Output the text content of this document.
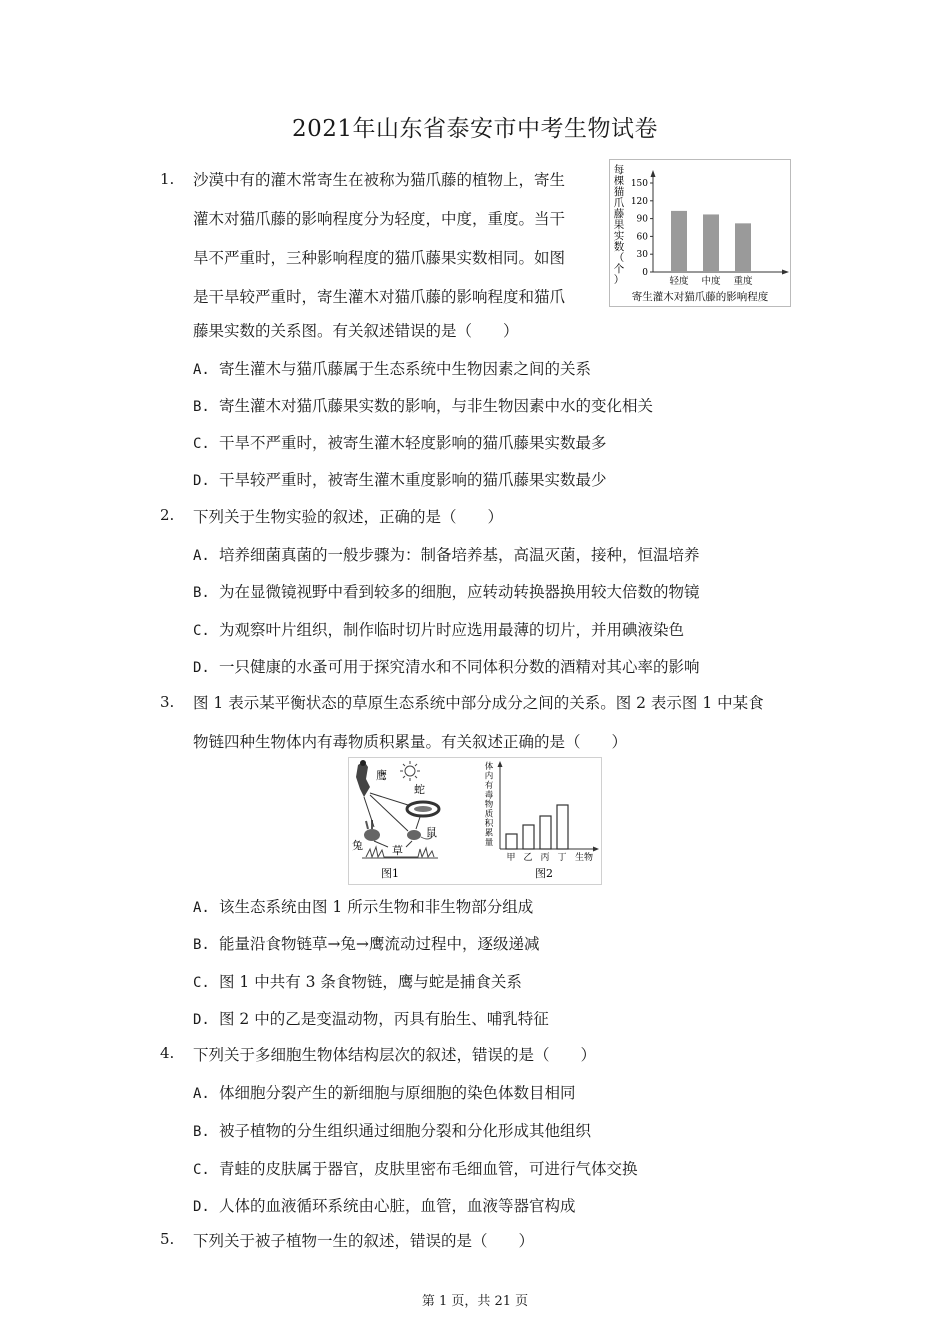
2021年山东省泰安市中考生物试卷
1. 沙漠中有的灌木常寄生在被称为猫爪藤的植物上，寄生
灌木对猫爪藤的影响程度分为轻度，中度，重度。当干
旱不严重时，三种影响程度的猫爪藤果实数相同。如图
是干旱较严重时，寄生灌木对猫爪藤的影响程度和猫爪
藤果实数的关系图。有关叙述错误的是（　　）
每
棵
猫
爪
藤
果
实
数
（
个
）
150
120
90
60
30
0
轻度 中度 重度
寄生灌木对猫爪藤的影响程度
A. 寄生灌木与猫爪藤属于生态系统中生物因素之间的关系
B. 寄生灌木对猫爪藤果实数的影响，与非生物因素中水的变化相关
C. 干旱不严重时，被寄生灌木轻度影响的猫爪藤果实数最多
D. 干旱较严重时，被寄生灌木重度影响的猫爪藤果实数最少
2. 下列关于生物实验的叙述，正确的是（　　）
A. 培养细菌真菌的一般步骤为：制备培养基，高温灭菌，接种，恒温培养
B. 为在显微镜视野中看到较多的细胞，应转动转换器换用较大倍数的物镜
C. 为观察叶片组织，制作临时切片时应选用最薄的切片，并用碘液染色
D. 一只健康的水蚤可用于探究清水和不同体积分数的酒精对其心率的影响
3. 图 1 表示某平衡状态的草原生态系统中部分成分之间的关系。图 2 表示图 1 中某食
物链四种生物体内有毒物质积累量。有关叙述正确的是（　　）
鹰
蛇
兔
鼠
草
图1
体
内
有
毒
物
质
积
累
量
甲 乙 丙 丁 生物
图2
A. 该生态系统由图 1 所示生物和非生物部分组成
B. 能量沿食物链草→兔→鹰流动过程中，逐级递减
C. 图 1 中共有 3 条食物链，鹰与蛇是捕食关系
D. 图 2 中的乙是变温动物，丙具有胎生、哺乳特征
4. 下列关于多细胞生物体结构层次的叙述，错误的是（　　）
A. 体细胞分裂产生的新细胞与原细胞的染色体数目相同
B. 被子植物的分生组织通过细胞分裂和分化形成其他组织
C. 青蛙的皮肤属于器官，皮肤里密布毛细血管，可进行气体交换
D. 人体的血液循环系统由心脏，血管，血液等器官构成
5. 下列关于被子植物一生的叙述，错误的是（　　）
第 1 页，共 21 页
